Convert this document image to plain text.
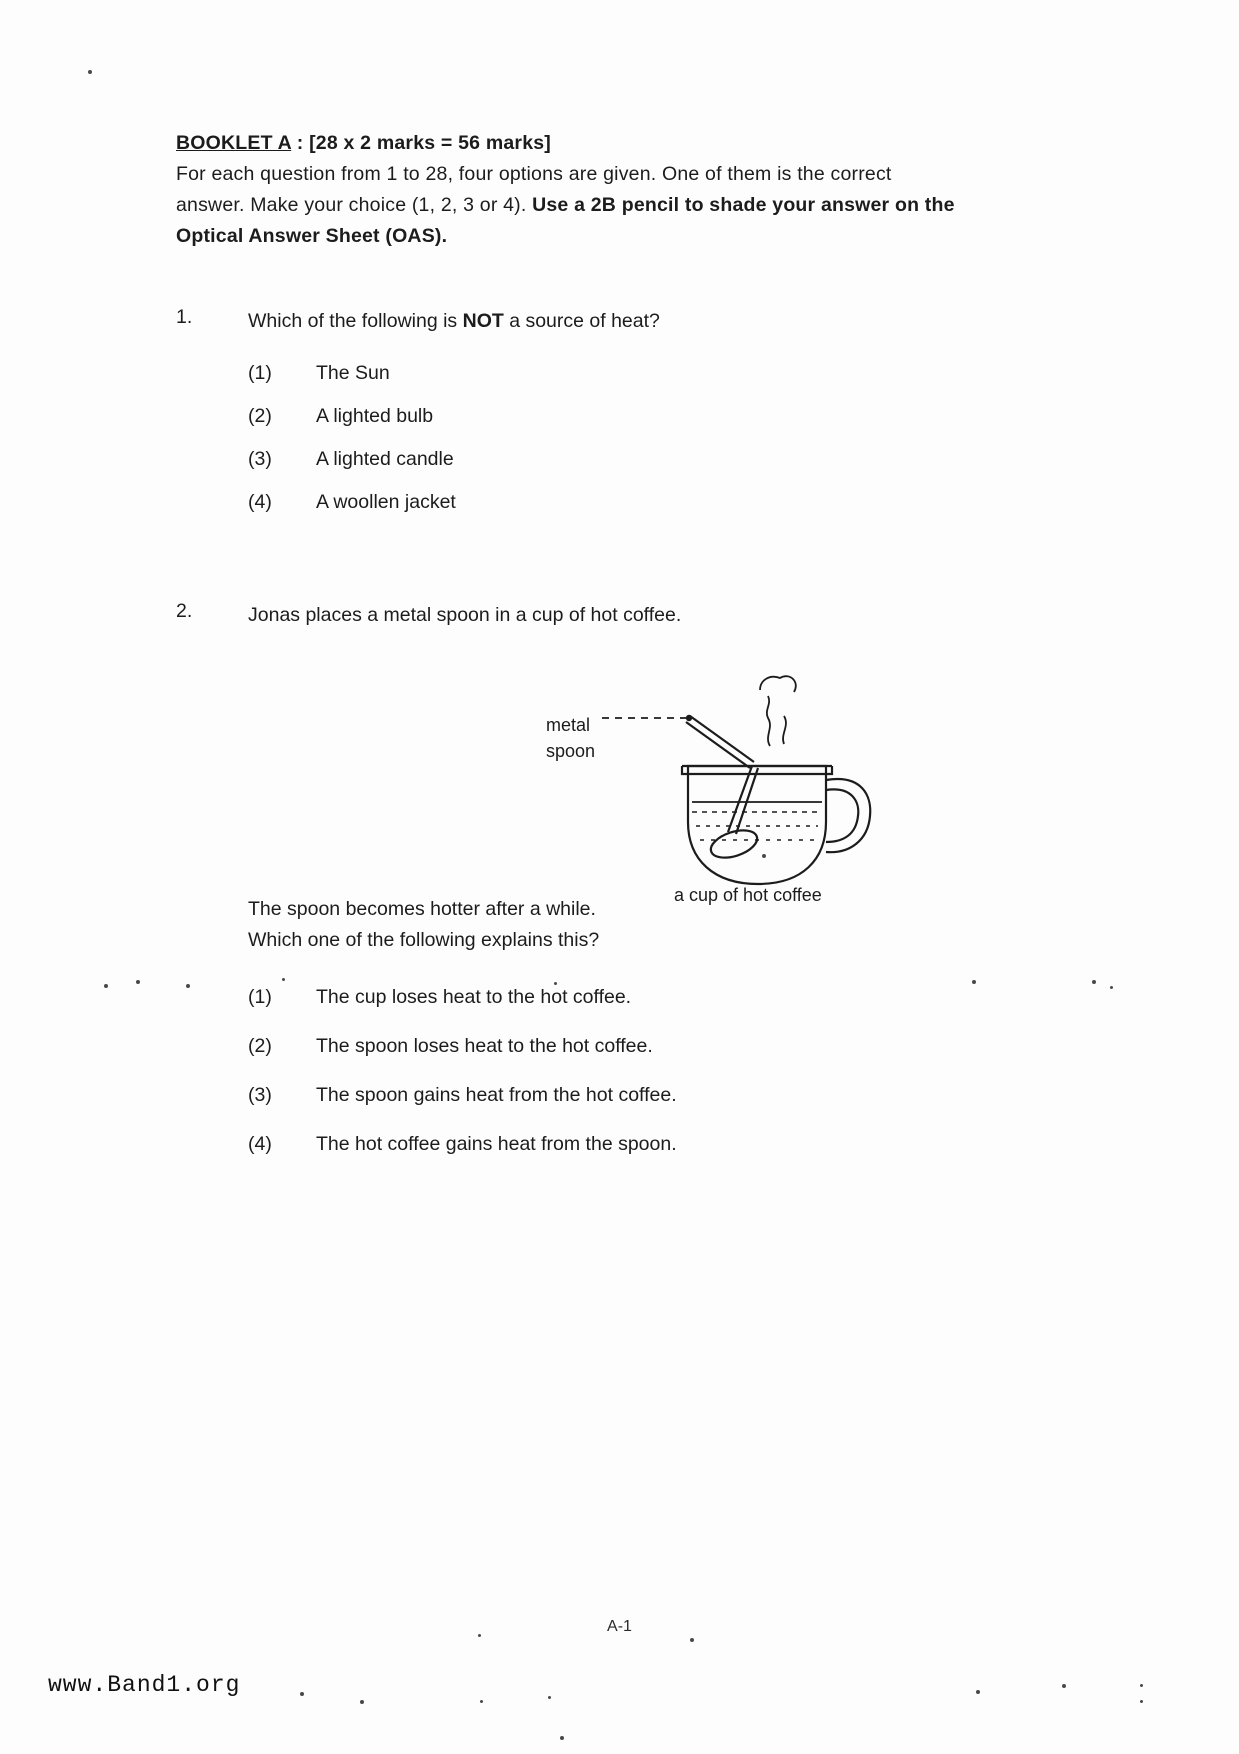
BOOKLET A : [28 x 2 marks = 56 marks]
For each question from 1 to 28, four options are given. One of them is the correct
answer. Make your choice (1, 2, 3 or 4). Use a 2B pencil to shade your answer on the
Optical Answer Sheet (OAS).
1.	Which of the following is NOT a source of heat?
(1)	The Sun
(2)	A lighted bulb
(3)	A lighted candle
(4)	A woollen jacket
2.	Jonas places a metal spoon in a cup of hot coffee.
metal
spoon
a cup of hot coffee
The spoon becomes hotter after a while.
Which one of the following explains this?
(1)	The cup loses heat to the hot coffee.
(2)	The spoon loses heat to the hot coffee.
(3)	The spoon gains heat from the hot coffee.
(4)	The hot coffee gains heat from the spoon.
A-1
www.Band1.org
